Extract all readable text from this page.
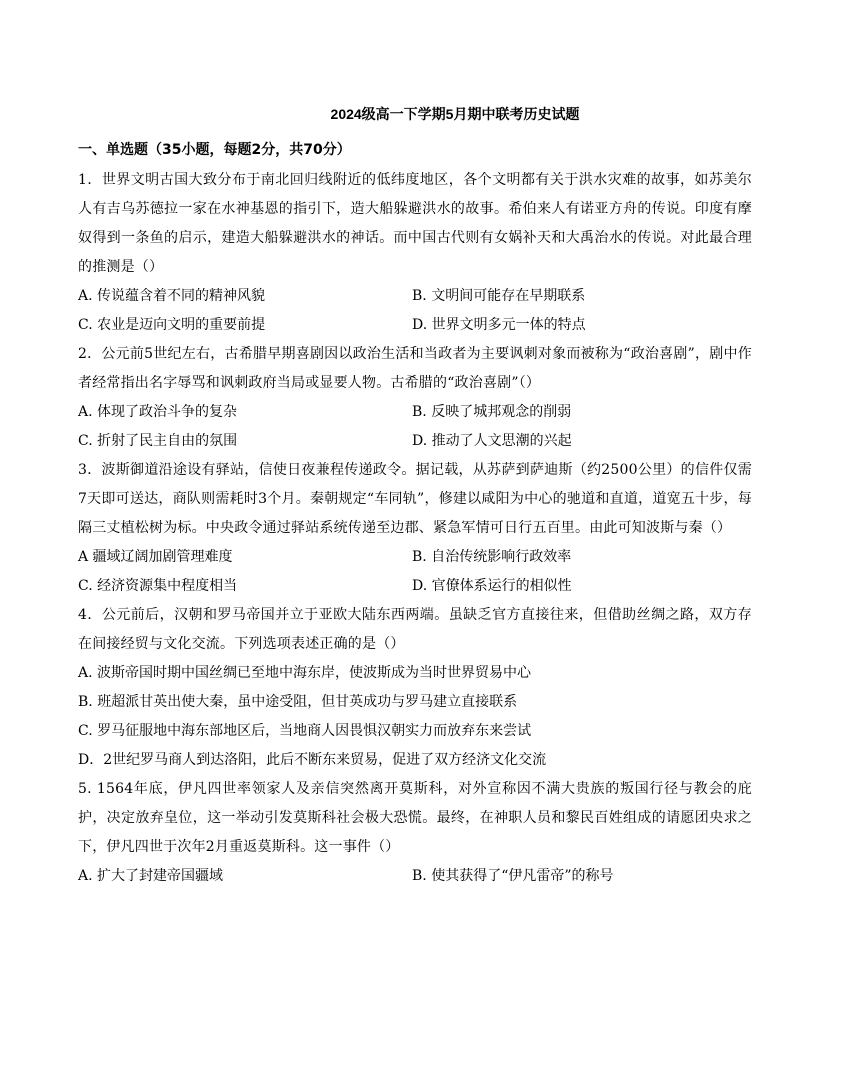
2024级高一下学期5月期中联考历史试题
一、单选题（35小题，每题2分，共70分）

1．世界文明古国大致分布于南北回归线附近的低纬度地区，各个文明都有关于洪水灾难的故事，如苏美尔人有吉乌苏德拉一家在水神基恩的指引下，造大船躲避洪水的故事。希伯来人有诺亚方舟的传说。印度有摩奴得到一条鱼的启示，建造大船躲避洪水的神话。而中国古代则有女娲补天和大禹治水的传说。对此最合理的推测是（）

A. 传说蕴含着不同的精神风貌	B. 文明间可能存在早期联系
C. 农业是迈向文明的重要前提	D. 世界文明多元一体的特点

2．公元前5世纪左右，古希腊早期喜剧因以政治生活和当政者为主要讽刺对象而被称为“政治喜剧”，剧中作者经常指出名字辱骂和讽刺政府当局或显要人物。古希腊的“政治喜剧”（）

A. 体现了政治斗争的复杂	B. 反映了城邦观念的削弱
C. 折射了民主自由的氛围	D. 推动了人文思潮的兴起

3．波斯御道沿途设有驿站，信使日夜兼程传递政令。据记载，从苏萨到萨迪斯（约2500公里）的信件仅需7天即可送达，商队则需耗时3个月。秦朝规定“车同轨”，修建以咸阳为中心的驰道和直道，道宽五十步，每隔三丈植松树为标。中央政令通过驿站系统传递至边郡、紧急军情可日行五百里。由此可知波斯与秦（）

A 疆域辽阔加剧管理难度	B. 自治传统影响行政效率
C. 经济资源集中程度相当	D. 官僚体系运行的相似性

4．公元前后，汉朝和罗马帝国并立于亚欧大陆东西两端。虽缺乏官方直接往来，但借助丝绸之路，双方存在间接经贸与文化交流。下列选项表述正确的是（）

A. 波斯帝国时期中国丝绸已至地中海东岸，使波斯成为当时世界贸易中心
B. 班超派甘英出使大秦，虽中途受阻，但甘英成功与罗马建立直接联系
C. 罗马征服地中海东部地区后，当地商人因畏惧汉朝实力而放弃东来尝试
D．2世纪罗马商人到达洛阳，此后不断东来贸易，促进了双方经济文化交流

5. 1564年底，伊凡四世率领家人及亲信突然离开莫斯科，对外宣称因不满大贵族的叛国行径与教会的庇护，决定放弃皇位，这一举动引发莫斯科社会极大恐慌。最终，在神职人员和黎民百姓组成的请愿团央求之下，伊凡四世于次年2月重返莫斯科。这一事件（）

A. 扩大了封建帝国疆域	B. 使其获得了“伊凡雷帝”的称号
